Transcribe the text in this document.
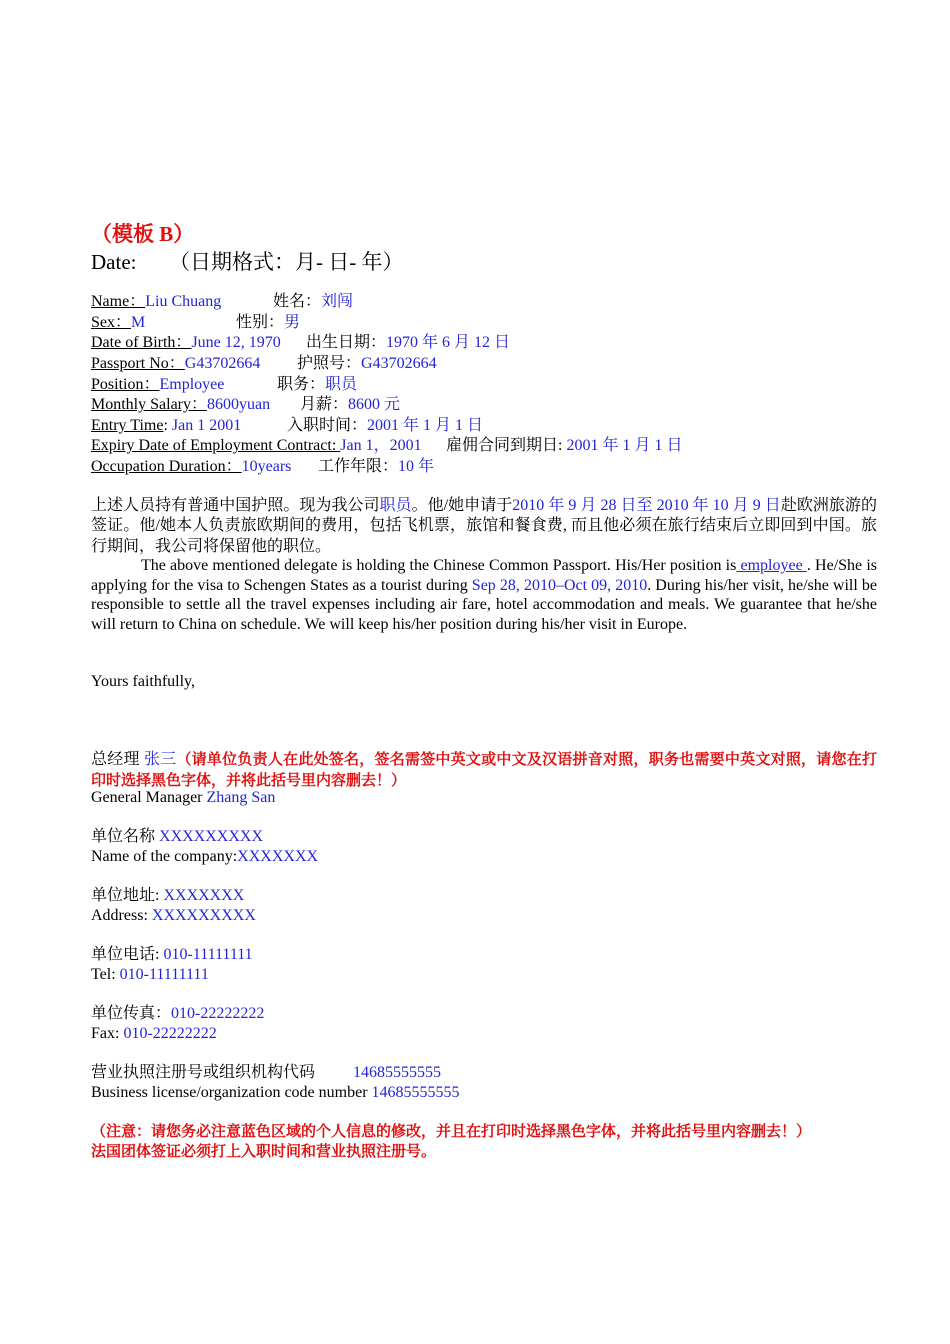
（模板 B）
Date: （日期格式：月- 日- 年）
Name：Liu Chuang	姓名：刘闯
Sex：M	性别：男
Date of Birth：June 12, 1970 出生日期：1970 年 6 月 12 日
Passport No：G43702664 护照号：G43702664
Position：Employee	职务：职员
Monthly Salary：8600yuan 月薪：8600 元
Entry Time: Jan 1 2001	入职时间：2001 年 1 月 1 日
Expiry Date of Employment Contract: Jan 1，2001 雇佣合同到期日: 2001 年 1 月 1 日
Occupation Duration：10years 工作年限：10 年
上述人员持有普通中国护照。现为我公司职员。他/她申请于2010 年 9 月 28 日至 2010 年 10 月 9 日赴欧洲旅游的签证。他/她本人负责旅欧期间的费用，包括飞机票，旅馆和餐食费, 而且他必须在旅行结束后立即回到中国。旅行期间，我公司将保留他的职位。
The above mentioned delegate is holding the Chinese Common Passport. His/Her position is employee . He/She is applying for the visa to Schengen States as a tourist during Sep 28, 2010–Oct 09, 2010. During his/her visit, he/she will be responsible to settle all the travel expenses including air fare, hotel accommodation and meals. We guarantee that he/she will return to China on schedule. We will keep his/her position during his/her visit in Europe.
Yours faithfully,
总经理 张三（请单位负责人在此处签名，签名需签中英文或中文及汉语拼音对照，职务也需要中英文对照，请您在打印时选择黑色字体，并将此括号里内容删去！）
General Manager Zhang San
单位名称 XXXXXXXXX
Name of the company:XXXXXXX
单位地址: XXXXXXX
Address: XXXXXXXXX
单位电话: 010-11111111
Tel: 010-11111111
单位传真：010-22222222
Fax: 010-22222222
营业执照注册号或组织机构代码 14685555555
Business license/organization code number 14685555555
（注意：请您务必注意蓝色区域的个人信息的修改，并且在打印时选择黑色字体，并将此括号里内容删去！）
法国团体签证必须打上入职时间和营业执照注册号。
